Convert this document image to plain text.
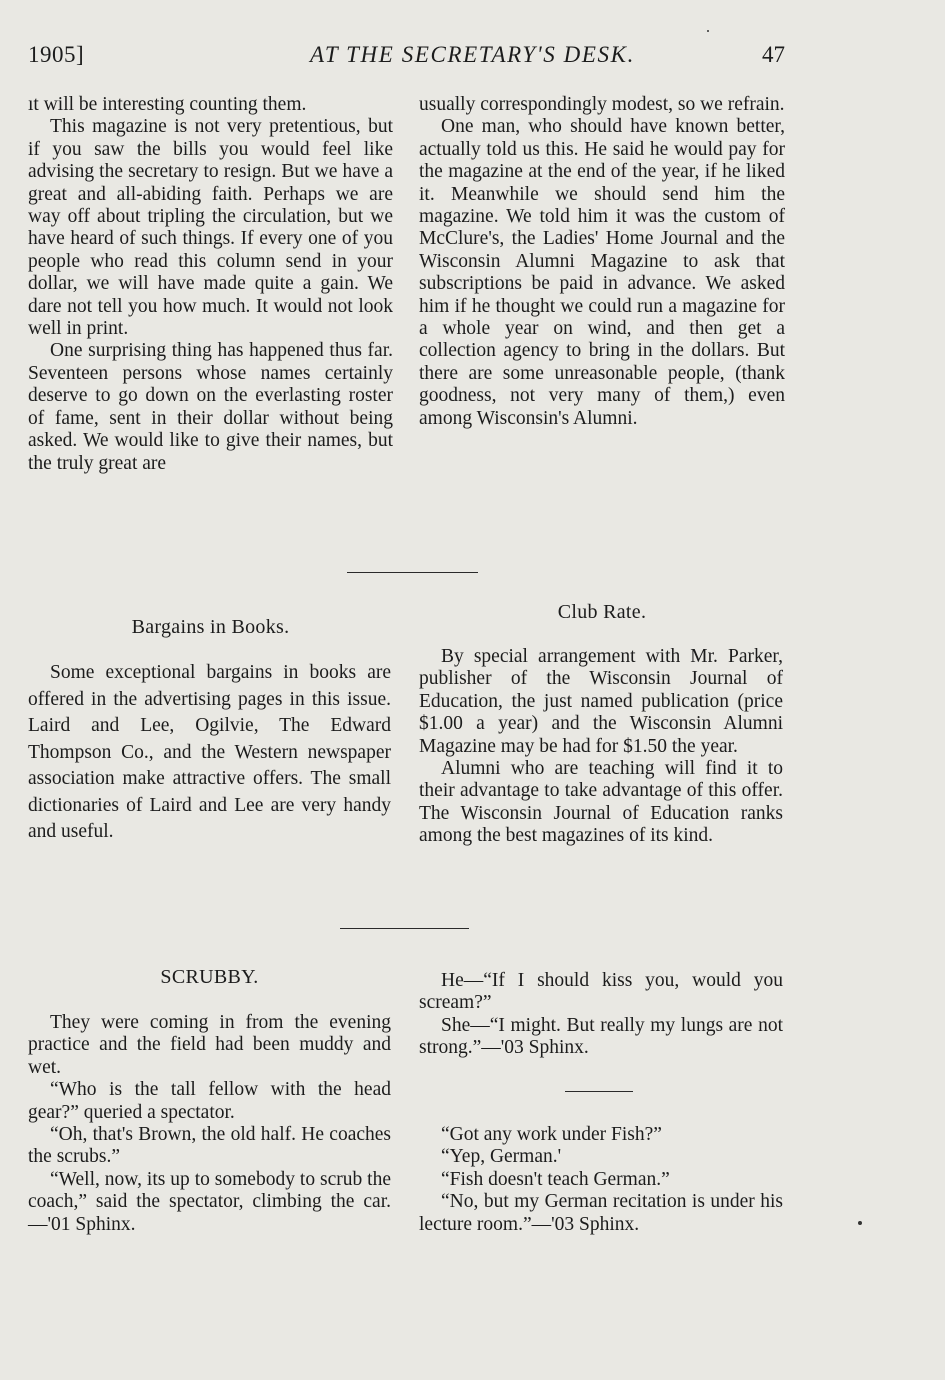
1905]	AT THE SECRETARY'S DESK.	47

ıt will be interesting counting them.

This magazine is not very pretentious, but if you saw the bills you would feel like advising the secretary to resign. But we have a great and all-abiding faith. Perhaps we are way off about tripling the circulation, but we have heard of such things. If every one of you people who read this column send in your dollar, we will have made quite a gain. We dare not tell you how much. It would not look well in print.

One surprising thing has happened thus far. Seventeen persons whose names certainly deserve to go down on the everlasting roster of fame, sent in their dollar without being asked. We would like to give their names, but the truly great are

usually correspondingly modest, so we refrain.

One man, who should have known better, actually told us this. He said he would pay for the magazine at the end of the year, if he liked it. Meanwhile we should send him the magazine. We told him it was the custom of McClure's, the Ladies' Home Journal and the Wisconsin Alumni Magazine to ask that subscriptions be paid in advance. We asked him if he thought we could run a magazine for a whole year on wind, and then get a collection agency to bring in the dollars. But there are some unreasonable people, (thank goodness, not very many of them,) even among Wisconsin's Alumni.

Bargains in Books.

Some exceptional bargains in books are offered in the advertising pages in this issue. Laird and Lee, Ogilvie, The Edward Thompson Co., and the Western newspaper association make attractive offers. The small dictionaries of Laird and Lee are very handy and useful.

Club Rate.

By special arrangement with Mr. Parker, publisher of the Wisconsin Journal of Education, the just named publication (price $1.00 a year) and the Wisconsin Alumni Magazine may be had for $1.50 the year.

Alumni who are teaching will find it to their advantage to take advantage of this offer. The Wisconsin Journal of Education ranks among the best magazines of its kind.

SCRUBBY.

They were coming in from the evening practice and the field had been muddy and wet.

“Who is the tall fellow with the head gear?” queried a spectator.

“Oh, that's Brown, the old half. He coaches the scrubs.”

“Well, now, its up to somebody to scrub the coach,” said the spectator, climbing the car.—'01 Sphinx.

He—“If I should kiss you, would you scream?”

She—“I might. But really my lungs are not strong.”—'03 Sphinx.

“Got any work under Fish?”

“Yep, German.'

“Fish doesn't teach German.”

“No, but my German recitation is under his lecture room.”—'03 Sphinx.
